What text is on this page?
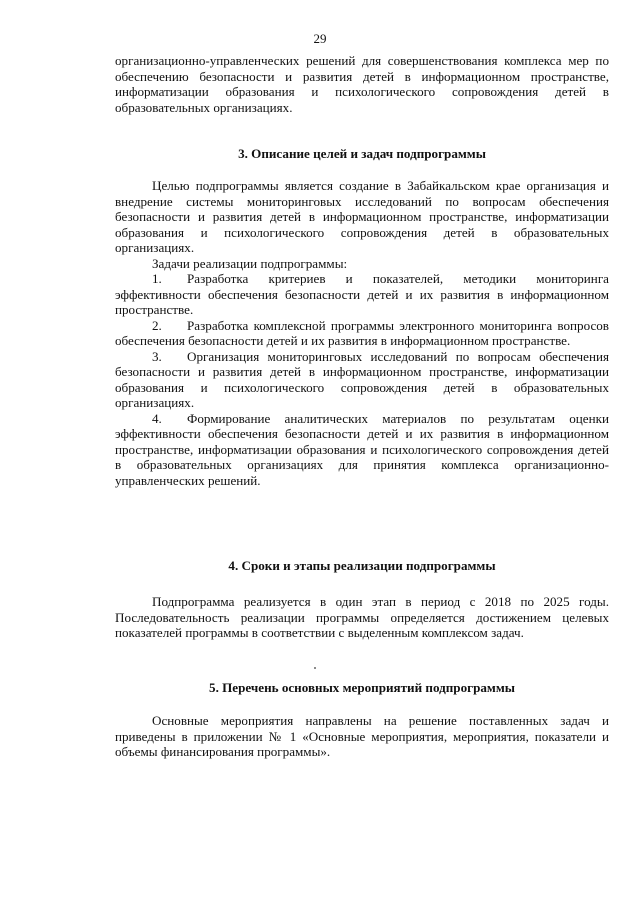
29

организационно-управленческих решений для совершенствования комплекса мер по обеспечению безопасности и развития детей в информационном пространстве, информатизации образования и психологического сопровождения детей в образовательных организациях.

3. Описание целей и задач подпрограммы

Целью подпрограммы является создание в Забайкальском крае организация и внедрение системы мониторинговых исследований по вопросам обеспечения безопасности и развития детей в информационном пространстве, информатизации образования и психологического сопровождения детей в образовательных организациях.

Задачи реализации подпрограммы:

1. Разработка критериев и показателей, методики мониторинга эффективности обеспечения безопасности детей и их развития в информационном пространстве.
2. Разработка комплексной программы электронного мониторинга вопросов обеспечения безопасности детей и их развития в информационном пространстве.
3. Организация мониторинговых исследований по вопросам обеспечения безопасности и развития детей в информационном пространстве, информатизации образования и психологического сопровождения детей в образовательных организациях.
4. Формирование аналитических материалов по результатам оценки эффективности обеспечения безопасности детей и их развития в информационном пространстве, информатизации образования и психологического сопровождения детей в образовательных организациях для принятия комплекса организационно-управленческих решений.
4. Сроки и этапы реализации подпрограммы

Подпрограмма реализуется в один этап в период с 2018 по 2025 годы. Последовательность реализации программы определяется достижением целевых показателей программы в соответствии с выделенным комплексом задач.

5. Перечень основных мероприятий подпрограммы

Основные мероприятия направлены на решение поставленных задач и приведены в приложении № 1 «Основные мероприятия, мероприятия, показатели и объемы финансирования программы».
